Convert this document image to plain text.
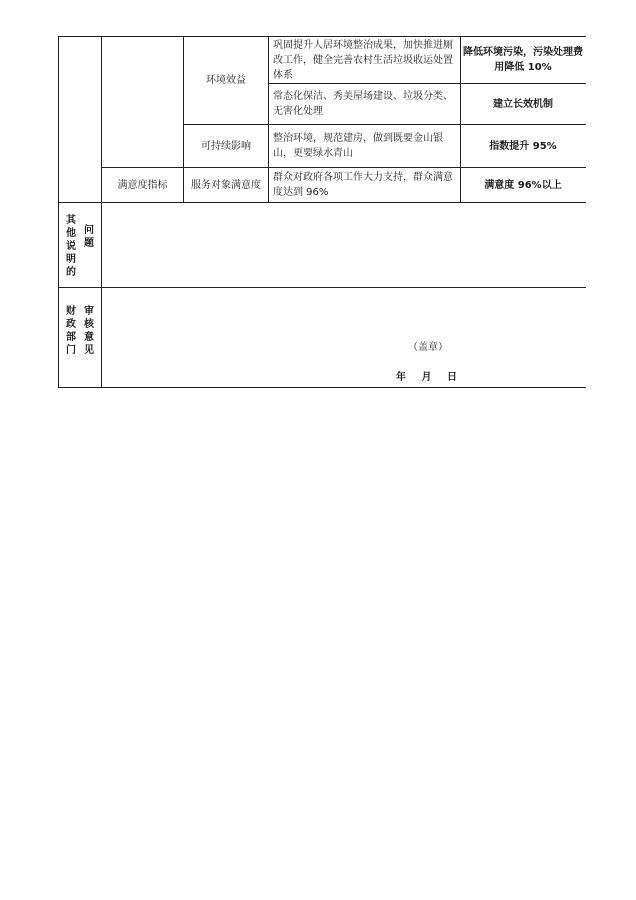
环境效益
巩固提升人居环境整治成果，加快推进厕改工作，健全完善农村生活垃圾收运处置体系
降低环境污染，污染处理费用降低 10%
常态化保洁、秀美屋场建设、垃圾分类、无害化处理
建立长效机制
可持续影响
整治环境，规范建房，做到既要金山银山，更要绿水青山
指数提升 95%
满意度指标	服务对象满意度
群众对政府各项工作大力支持，群众满意度达到 96%
满意度 96%以上
其他说明的
问题
财政部门
审核意见	（盖章）
年 月 日
